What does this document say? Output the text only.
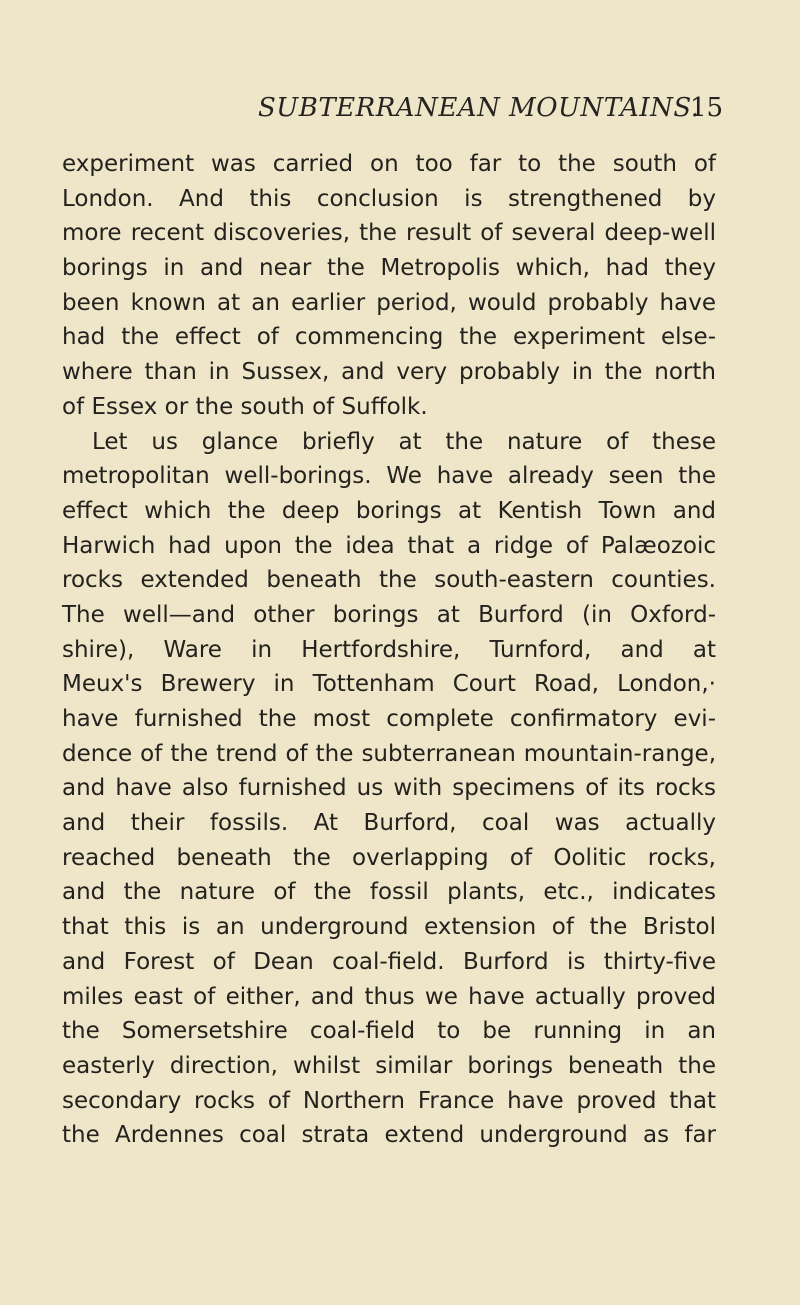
SUBTERRANEAN MOUNTAINS.
15
experiment was carried on too far to the south of
London. And this conclusion is strengthened by
more recent discoveries, the result of several deep-well
borings in and near the Metropolis which, had they
been known at an earlier period, would probably have
had the effect of commencing the experiment else-
where than in Sussex, and very probably in the north
of Essex or the south of Suffolk.
Let us glance briefly at the nature of these
metropolitan well-borings. We have already seen the
effect which the deep borings at Kentish Town and
Harwich had upon the idea that a ridge of Palæozoic
rocks extended beneath the south-eastern counties.
The well—and other borings at Burford (in Oxford-
shire), Ware in Hertfordshire, Turnford, and at
Meux's Brewery in Tottenham Court Road, London,·
have furnished the most complete confirmatory evi-
dence of the trend of the subterranean mountain-range,
and have also furnished us with specimens of its rocks
and their fossils. At Burford, coal was actually
reached beneath the overlapping of Oolitic rocks,
and the nature of the fossil plants, etc., indicates
that this is an underground extension of the Bristol
and Forest of Dean coal-field. Burford is thirty-five
miles east of either, and thus we have actually proved
the Somersetshire coal-field to be running in an
easterly direction, whilst similar borings beneath the
secondary rocks of Northern France have proved that
the Ardennes coal strata extend underground as far
